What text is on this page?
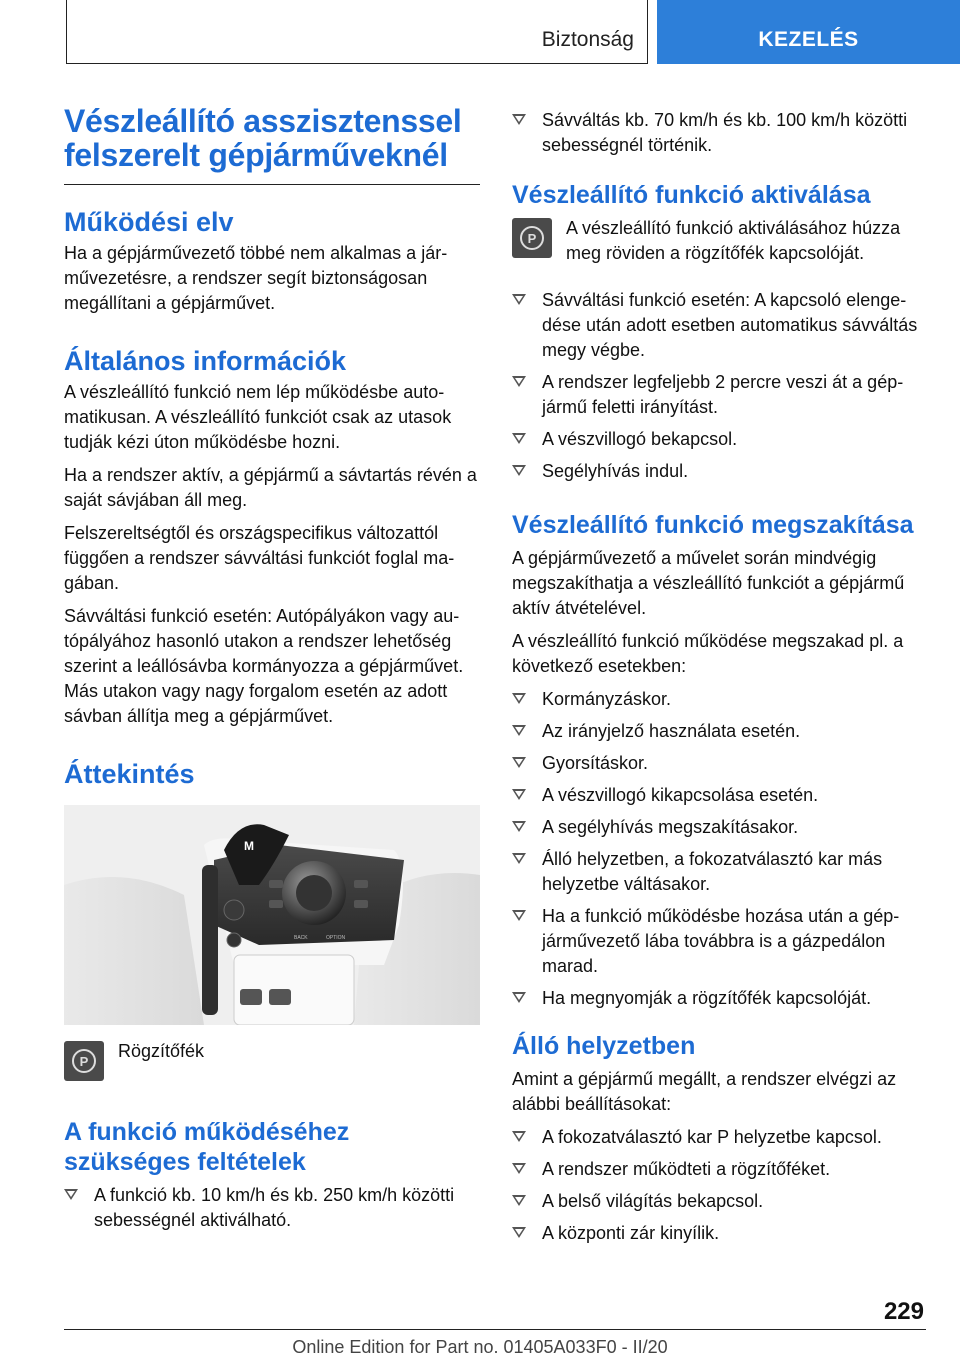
Biztonság	KEZELÉS
Vészleállító asszisztenssel felszerelt gépjárműveknél
Működési elv

Ha a gépjárművezető többé nem alkalmas a járművezetésre, a rendszer segít biztonságosan megállítani a gépjárművet.

Általános információk

A vészleállító funkció nem lép működésbe automatikusan. A vészleállító funkciót csak az utasok tudják kézi úton működésbe hozni.

Ha a rendszer aktív, a gépjármű a sávtartás révén a saját sávjában áll meg.

Felszereltségtől és országspecifikus változattól függően a rendszer sávváltási funkciót foglal magában.

Sávváltási funkció esetén: Autópályákon vagy autópályához hasonló utakon a rendszer lehetőség szerint a leállósávba kormányozza a gépjárművet. Más utakon vagy nagy forgalom esetén az adott sávban állítja meg a gépjárművet.

Áttekintés
M
BACK	OPTION
P	Rögzítőfék

A funkció működéséhez szükséges feltételek
A funkció kb. 10 km/h és kb. 250 km/h közötti sebességnél aktiválható.
Sávváltás kb. 70 km/h és kb. 100 km/h közötti sebességnél történik.
Vészleállító funkció aktiválása
P	A vészleállító funkció aktiválásához húzza meg röviden a rögzítőfék kapcsolóját.

Sávváltási funkció esetén: A kapcsoló elengedése után adott esetben automatikus sávváltás megy végbe.
A rendszer legfeljebb 2 percre veszi át a gépjármű feletti irányítást.
A vészvillogó bekapcsol.
Segélyhívás indul.
Vészleállító funkció megszakítása

A gépjárművezető a művelet során mindvégig megszakíthatja a vészleállító funkciót a gépjármű aktív átvételével.

A vészleállító funkció működése megszakad pl. a következő esetekben:

Kormányzáskor.
Az irányjelző használata esetén.
Gyorsításkor.
A vészvillogó kikapcsolása esetén.
A segélyhívás megszakításakor.
Álló helyzetben, a fokozatválasztó kar más helyzetbe váltásakor.
Ha a funkció működésbe hozása után a gépjárművezető lába továbbra is a gázpedálon marad.
Ha megnyomják a rögzítőfék kapcsolóját.
Álló helyzetben

Amint a gépjármű megállt, a rendszer elvégzi az alábbi beállításokat:

A fokozatválasztó kar P helyzetbe kapcsol.
A rendszer működteti a rögzítőféket.
A belső világítás bekapcsol.
A központi zár kinyílik.
229
Online Edition for Part no. 01405A033F0 - II/20
